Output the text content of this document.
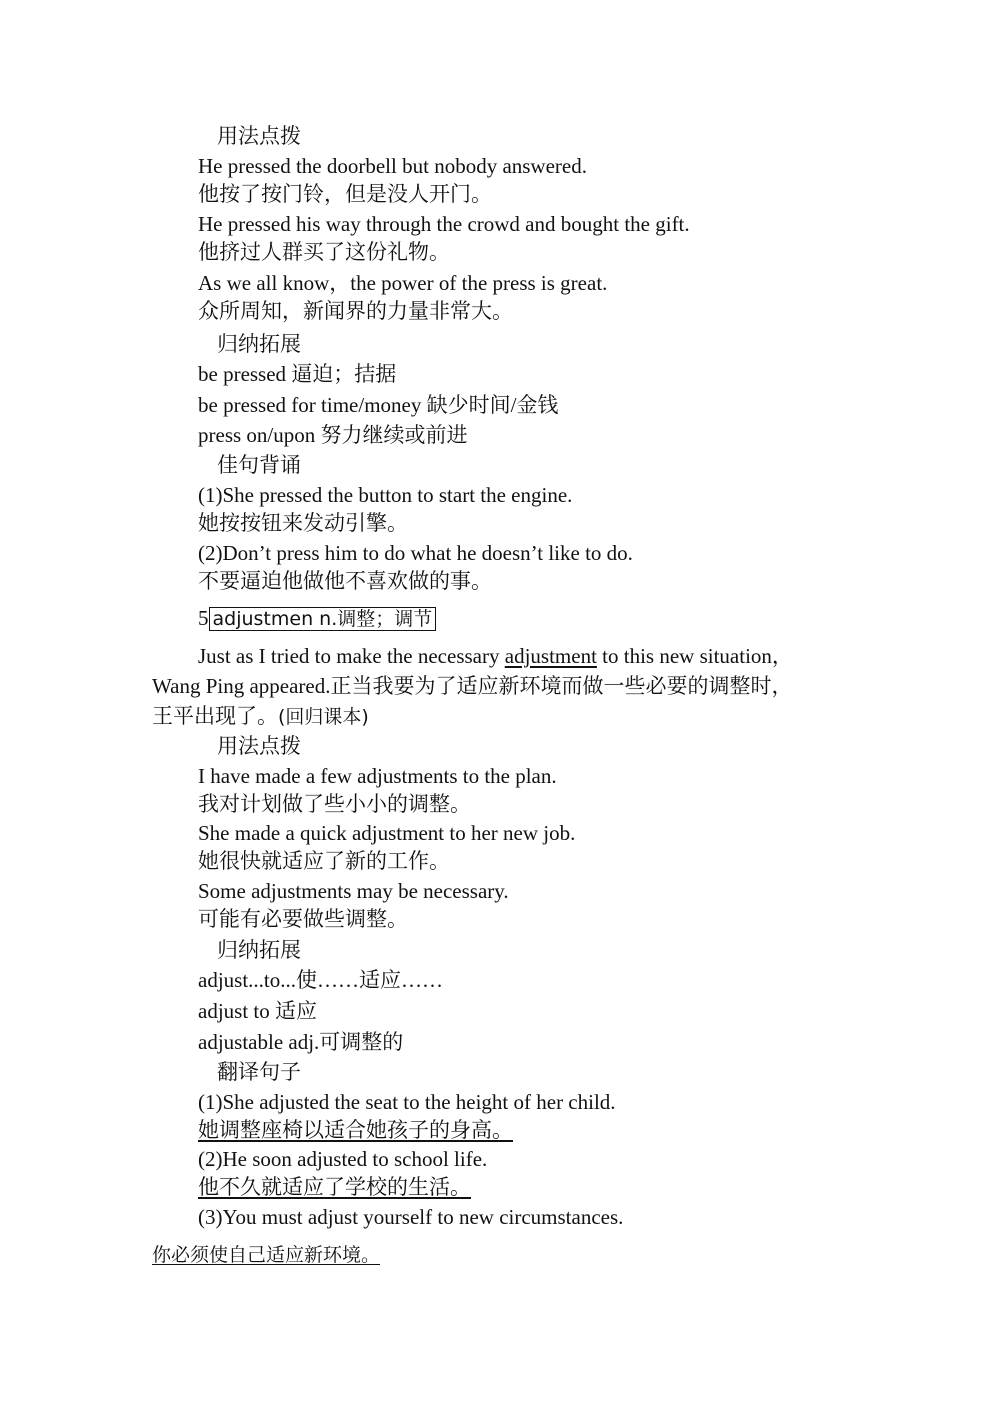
用法点拨
He pressed the doorbell but nobody answered.
他按了按门铃，但是没人开门。
He pressed his way through the crowd and bought the gift.
他挤过人群买了这份礼物。
As we all know，the power of the press is great.
众所周知，新闻界的力量非常大。
归纳拓展
be pressed 逼迫；拮据
be pressed for time/money 缺少时间/金钱
press on/upon 努力继续或前进
佳句背诵
(1)She pressed the button to start the engine.
她按按钮来发动引擎。
(2)Don’t press him to do what he doesn’t like to do.
不要逼迫他做他不喜欢做的事。
5 adjustmen n.调整；调节
Just as I tried to make the necessary adjustment to this new situation，
Wang Ping appeared.正当我要为了适应新环境而做一些必要的调整时，
王平出现了。(回归课本)
用法点拨
I have made a few adjustments to the plan.
我对计划做了些小小的调整。
She made a quick adjustment to her new job.
她很快就适应了新的工作。
Some adjustments may be necessary.
可能有必要做些调整。
归纳拓展
adjust...to...使……适应……
adjust to 适应
adjustable adj.可调整的
翻译句子
(1)She adjusted the seat to the height of her child.
她调整座椅以适合她孩子的身高。
(2)He soon adjusted to school life.
他不久就适应了学校的生活。
(3)You must adjust yourself to new circumstances.
你必须使自己适应新环境。
